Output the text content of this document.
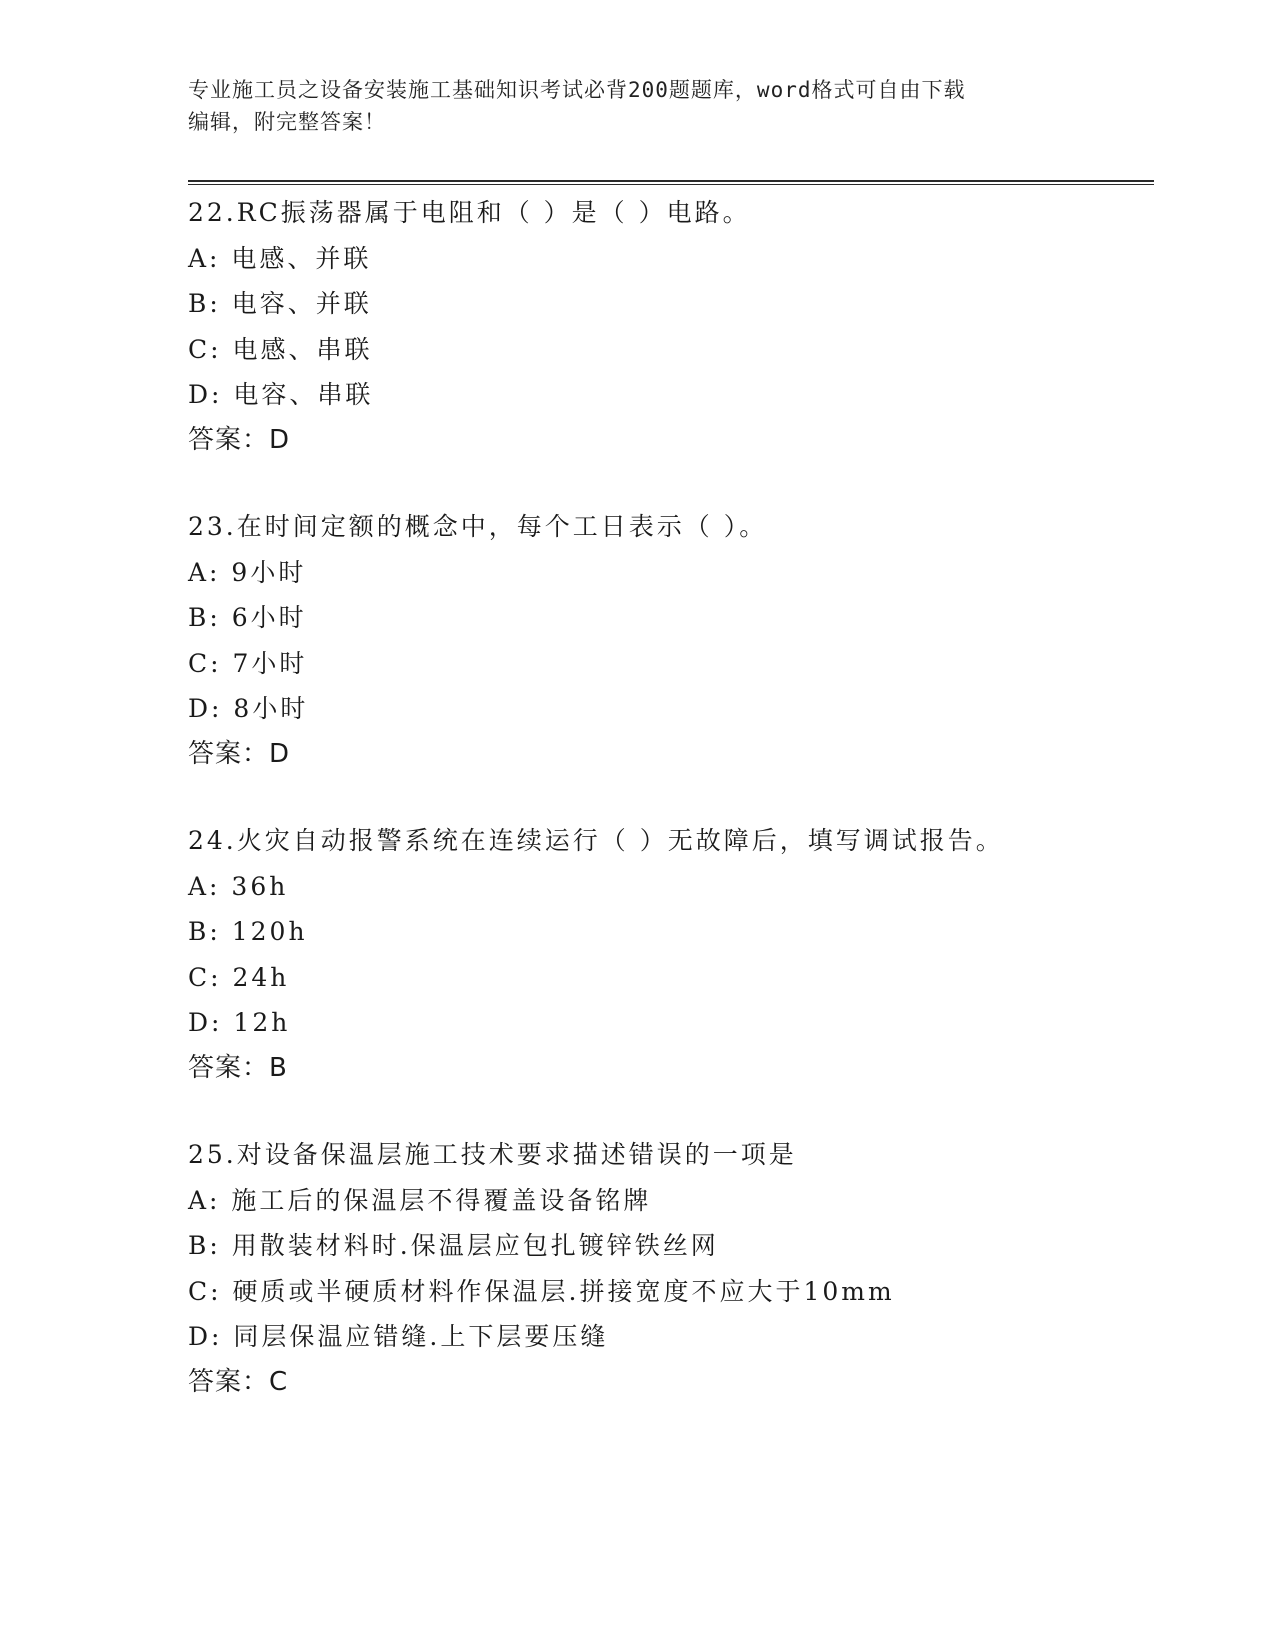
专业施工员之设备安装施工基础知识考试必背200题题库，word格式可自由下载
编辑，附完整答案！
22.RC振荡器属于电阻和（ ）是（ ）电路。
A: 电感、并联
B: 电容、并联
C: 电感、串联
D: 电容、串联
答案：D
23.在时间定额的概念中，每个工日表示（ ）。
A: 9小时
B: 6小时
C: 7小时
D: 8小时
答案：D
24.火灾自动报警系统在连续运行（ ）无故障后，填写调试报告。
A: 36h
B: 120h
C: 24h
D: 12h
答案：B
25.对设备保温层施工技术要求描述错误的一项是
A: 施工后的保温层不得覆盖设备铭牌
B: 用散装材料时.保温层应包扎镀锌铁丝网
C: 硬质或半硬质材料作保温层.拼接宽度不应大于10mm
D: 同层保温应错缝.上下层要压缝
答案：C
